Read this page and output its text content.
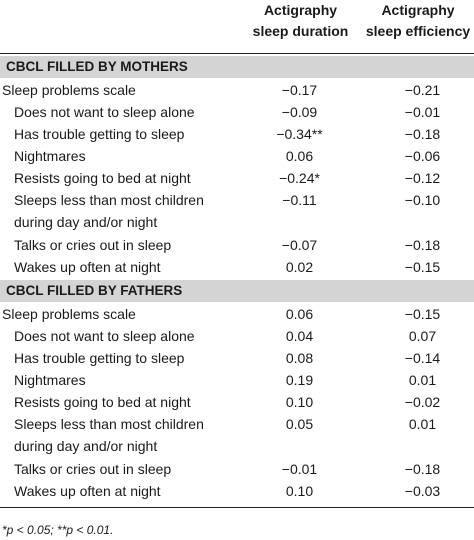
Actigraphy
sleep duration
Actigraphy
sleep efficiency
CBCL FILLED BY MOTHERS
Sleep problems scale	−0.17	−0.21
Does not want to sleep alone	−0.09	−0.01
Has trouble getting to sleep	−0.34**	−0.18
Nightmares	0.06	−0.06
Resists going to bed at night	−0.24*	−0.12
Sleeps less than most children
during day and/or night
−0.11	−0.10
Talks or cries out in sleep	−0.07	−0.18
Wakes up often at night	0.02	−0.15
CBCL FILLED BY FATHERS
Sleep problems scale	0.06	−0.15
Does not want to sleep alone	0.04	0.07
Has trouble getting to sleep	0.08	−0.14
Nightmares	0.19	0.01
Resists going to bed at night	0.10	−0.02
Sleeps less than most children
during day and/or night
0.05	0.01
Talks or cries out in sleep	−0.01	−0.18
Wakes up often at night	0.10	−0.03
*p < 0.05; **p < 0.01.
